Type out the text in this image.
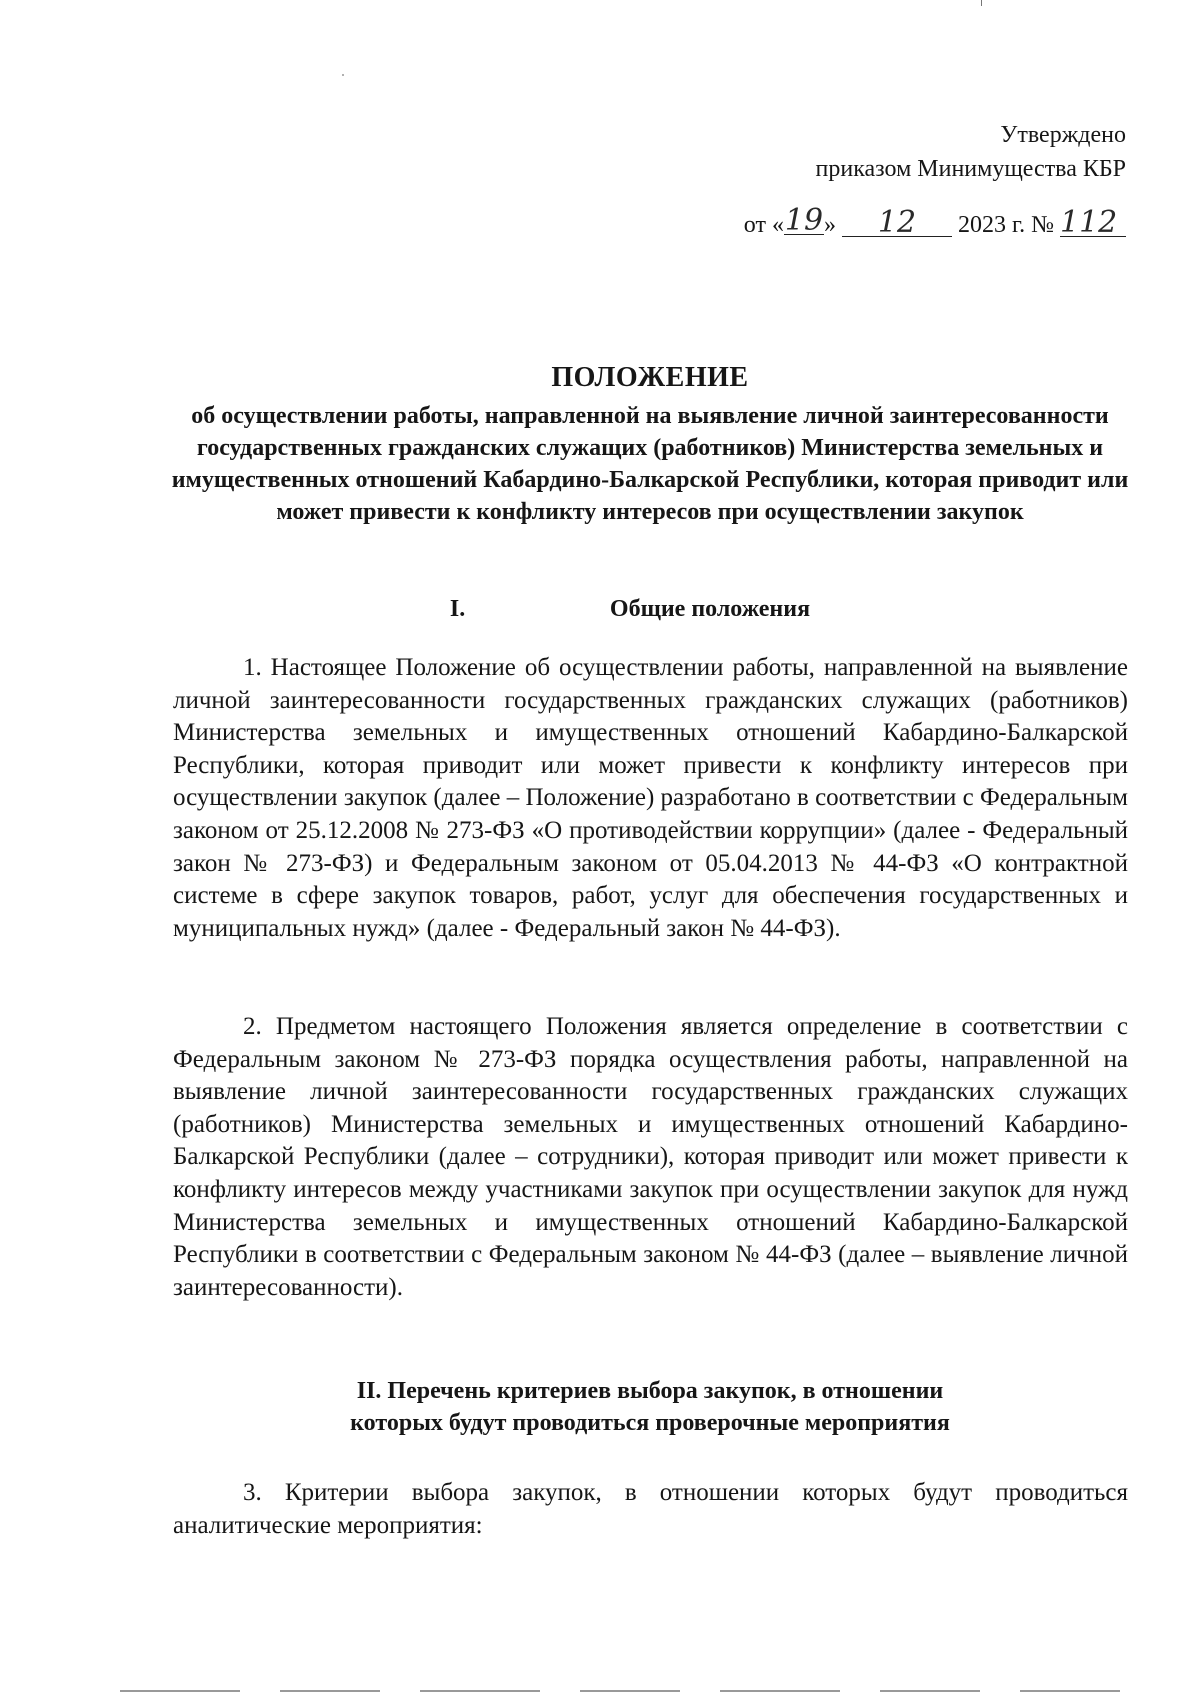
Утверждено
приказом Минимущества КБР
от «19» 12 2023 г. № 112
ПОЛОЖЕНИЕ
об осуществлении работы, направленной на выявление личной заинтересованности государственных гражданских служащих (работников) Министерства земельных и имущественных отношений Кабардино-Балкарской Республики, которая приводит или может привести к конфликту интересов при осуществлении закупок
I.	Общие положения
1. Настоящее Положение об осуществлении работы, направленной на выявление личной заинтересованности государственных гражданских служащих (работников) Министерства земельных и имущественных отношений Кабардино-Балкарской Республики, которая приводит или может привести к конфликту интересов при осуществлении закупок (далее – Положение) разработано в соответствии с Федеральным законом от 25.12.2008 № 273-ФЗ «О противодействии коррупции» (далее - Федеральный закон № 273-ФЗ) и Федеральным законом от 05.04.2013 № 44-ФЗ «О контрактной системе в сфере закупок товаров, работ, услуг для обеспечения государственных и муниципальных нужд» (далее - Федеральный закон № 44-ФЗ).
2. Предметом настоящего Положения является определение в соответствии с Федеральным законом № 273-ФЗ порядка осуществления работы, направленной на выявление личной заинтересованности государственных гражданских служащих (работников) Министерства земельных и имущественных отношений Кабардино-Балкарской Республики (далее – сотрудники), которая приводит или может привести к конфликту интересов между участниками закупок при осуществлении закупок для нужд Министерства земельных и имущественных отношений Кабардино-Балкарской Республики в соответствии с Федеральным законом № 44-ФЗ (далее – выявление личной заинтересованности).
II. Перечень критериев выбора закупок, в отношении
которых будут проводиться проверочные мероприятия
3. Критерии выбора закупок, в отношении которых будут проводиться аналитические мероприятия:
